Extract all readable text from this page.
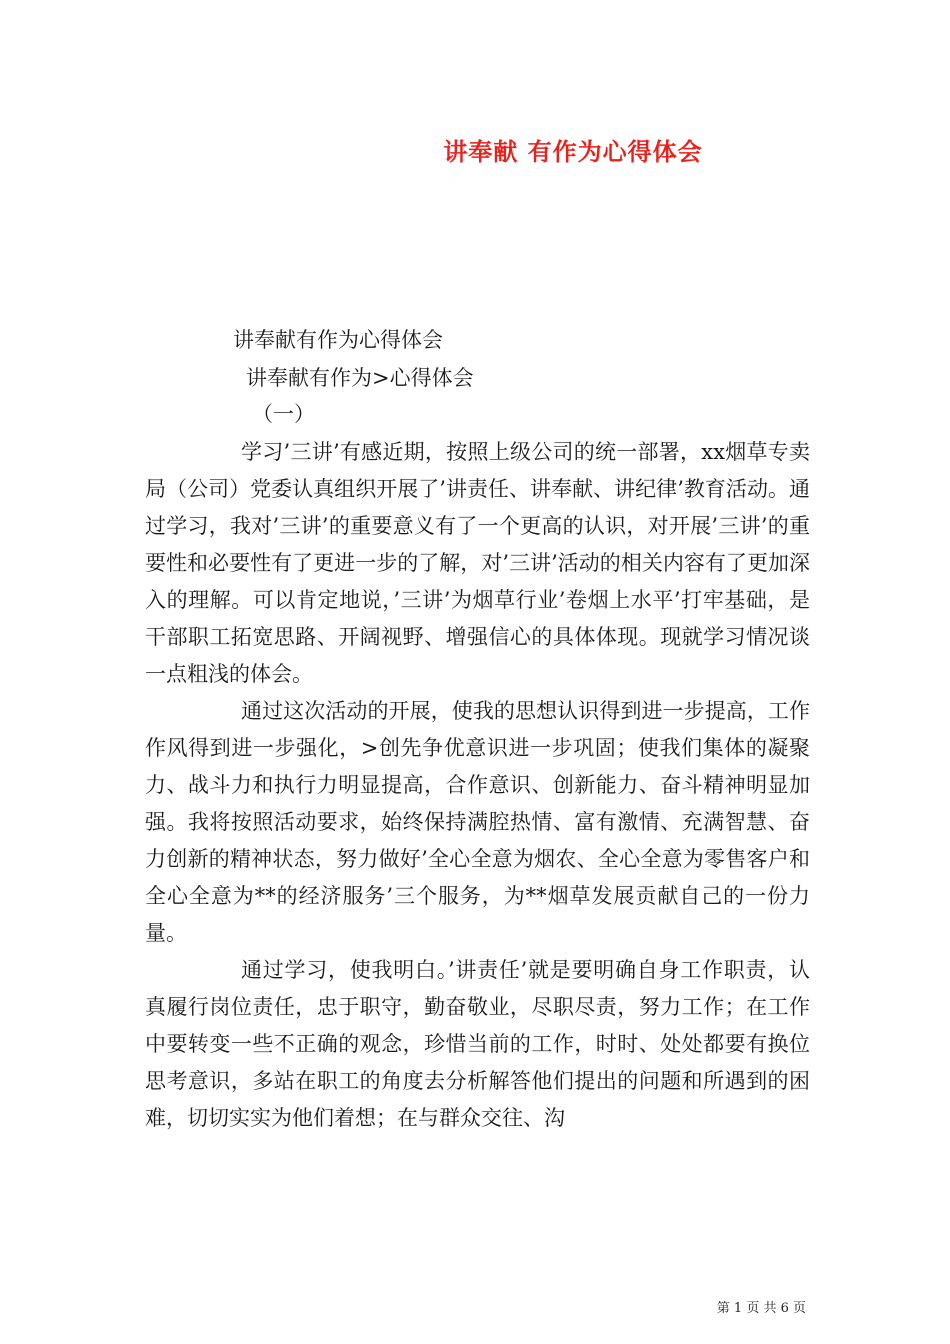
讲奉献 有作为心得体会
讲奉献有作为心得体会
讲奉献有作为>心得体会
（一）

学习’三讲’有感近期，按照上级公司的统一部署，xx烟草专卖局（公司）党委认真组织开展了’讲责任、讲奉献、讲纪律’教育活动。通过学习，我对’三讲’的重要意义有了一个更高的认识，对开展’三讲’的重要性和必要性有了更进一步的了解，对’三讲’活动的相关内容有了更加深入的理解。可以肯定地说，’三讲’为烟草行业’卷烟上水平’打牢基础，是干部职工拓宽思路、开阔视野、增强信心的具体体现。现就学习情况谈一点粗浅的体会。

通过这次活动的开展，使我的思想认识得到进一步提高，工作作风得到进一步强化，>创先争优意识进一步巩固；使我们集体的凝聚力、战斗力和执行力明显提高，合作意识、创新能力、奋斗精神明显加强。我将按照活动要求，始终保持满腔热情、富有激情、充满智慧、奋力创新的精神状态，努力做好’全心全意为烟农、全心全意为零售客户和全心全意为**的经济服务’三个服务，为**烟草发展贡献自己的一份力量。

通过学习，使我明白。’讲责任’就是要明确自身工作职责，认真履行岗位责任，忠于职守，勤奋敬业，尽职尽责，努力工作；在工作中要转变一些不正确的观念，珍惜当前的工作，时时、处处都要有换位思考意识，多站在职工的角度去分析解答他们提出的问题和所遇到的困难，切切实实为他们着想；在与群众交往、沟

第 1 页 共 6 页
